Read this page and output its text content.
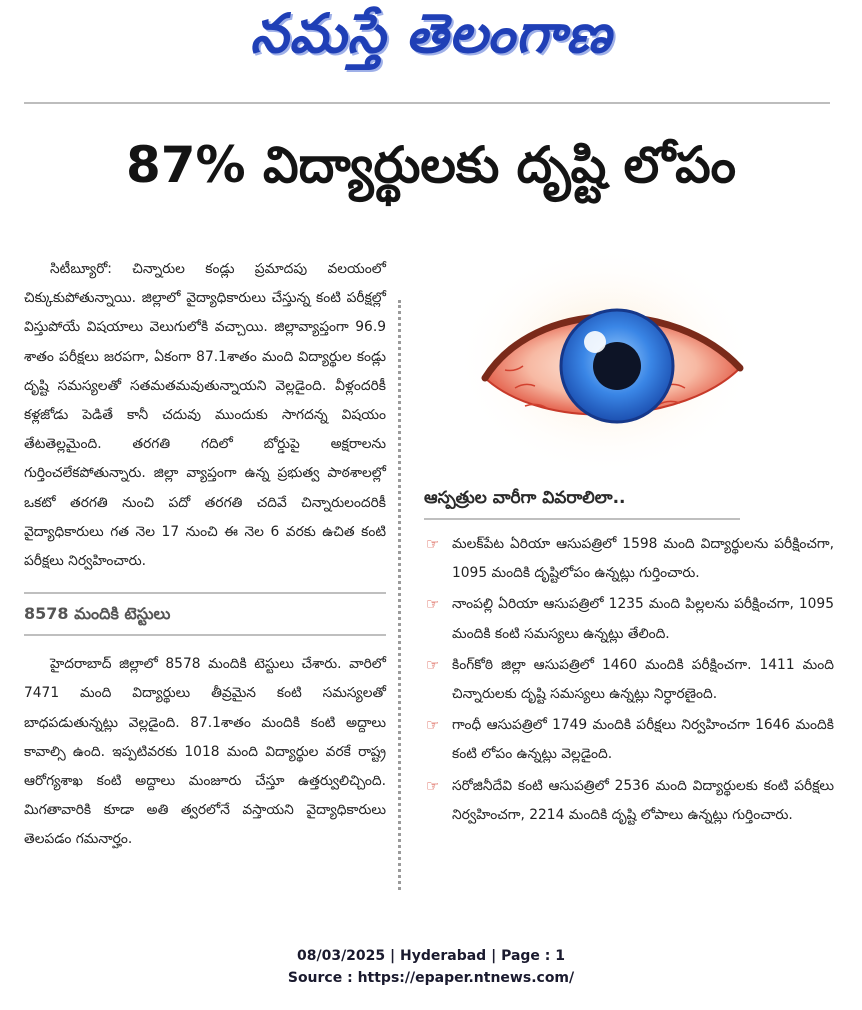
నమస్తే తెలంగాణ
87% విద్యార్థులకు దృష్టి లోపం

సిటీబ్యూరో: చిన్నారుల కండ్లు ప్రమాదపు వలయంలో చిక్కుకుపోతున్నాయి. జిల్లాలో వైద్యాధికారులు చేస్తున్న కంటి పరీక్షల్లో విస్తుపోయే విషయాలు వెలుగులోకి వచ్చాయి. జిల్లావ్యాప్తంగా 96.9 శాతం పరీక్షలు జరపగా, ఏకంగా 87.1శాతం మంది విద్యార్థుల కండ్లు దృష్టి సమస్యలతో సతమతమవుతున్నాయని వెల్లడైంది. వీళ్లందరికీ కళ్లజోడు పెడితే కానీ చదువు ముందుకు సాగదన్న విషయం తేటతెల్లమైంది. తరగతి గదిలో బోర్డుపై అక్షరాలను గుర్తించలేకపోతున్నారు. జిల్లా వ్యాప్తంగా ఉన్న ప్రభుత్వ పాఠశాలల్లో ఒకటో తరగతి నుంచి పదో తరగతి చదివే చిన్నారులందరికీ వైద్యాధికారులు గత నెల 17 నుంచి ఈ నెల 6 వరకు ఉచిత కంటి పరీక్షలు నిర్వహించారు.

8578 మందికి టెస్టులు

హైదరాబాద్ జిల్లాలో 8578 మందికి టెస్టులు చేశారు. వారిలో 7471 మంది విద్యార్థులు తీవ్రమైన కంటి సమస్యలతో బాధపడుతున్నట్లు వెల్లడైంది. 87.1శాతం మందికి కంటి అద్దాలు కావాల్సి ఉంది. ఇప్పటివరకు 1018 మంది విద్యార్థుల వరకే రాష్ట్ర ఆరోగ్యశాఖ కంటి అద్దాలు మంజూరు చేస్తూ ఉత్తర్వులిచ్చింది. మిగతావారికి కూడా అతి త్వరలోనే వస్తాయని వైద్యాధికారులు తెలపడం గమనార్హం.

ఆస్పత్రుల వారీగా వివరాలిలా..
☞ మలక్‌పేట ఏరియా ఆసుపత్రిలో 1598 మంది విద్యార్థులను పరీక్షించగా, 1095 మందికి దృష్టిలోపం ఉన్నట్లు గుర్తించారు.
☞ నాంపల్లి ఏరియా ఆసుపత్రిలో 1235 మంది పిల్లలను పరీక్షించగా, 1095 మందికి కంటి సమస్యలు ఉన్నట్లు తేలింది.
☞ కింగ్‌కోఠి జిల్లా ఆసుపత్రిలో 1460 మందికి పరీక్షించగా. 1411 మంది చిన్నారులకు దృష్టి సమస్యలు ఉన్నట్లు నిర్ధారణైంది.
☞ గాంధీ ఆసుపత్రిలో 1749 మందికి పరీక్షలు నిర్వహించగా 1646 మందికి కంటి లోపం ఉన్నట్లు వెల్లడైంది.
☞ సరోజినీదేవి కంటి ఆసుపత్రిలో 2536 మంది విద్యార్థులకు కంటి పరీక్షలు నిర్వహించగా, 2214 మందికి దృష్టి లోపాలు ఉన్నట్లు గుర్తించారు.
08/03/2025 | Hyderabad | Page : 1
Source : https://epaper.ntnews.com/
